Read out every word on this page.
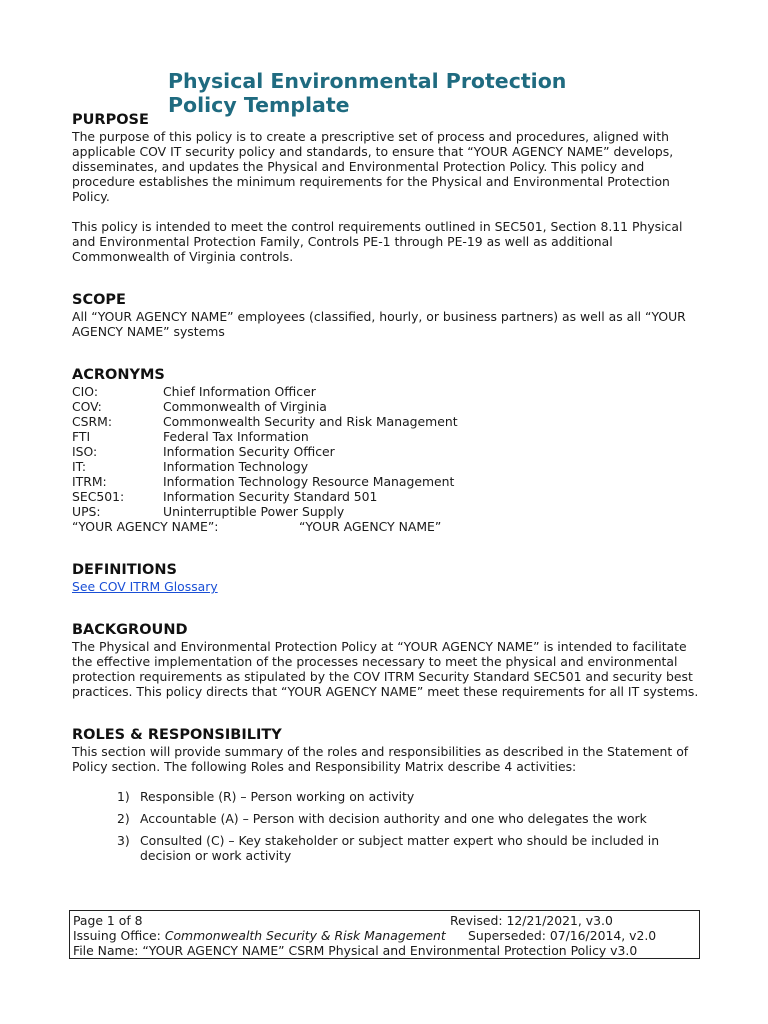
Physical Environmental Protection
Policy Template
PURPOSE

The purpose of this policy is to create a prescriptive set of process and procedures, aligned with applicable COV IT security policy and standards, to ensure that “YOUR AGENCY NAME” develops, disseminates, and updates the Physical and Environmental Protection Policy. This policy and procedure establishes the minimum requirements for the Physical and Environmental Protection Policy.

This policy is intended to meet the control requirements outlined in SEC501, Section 8.11 Physical and Environmental Protection Family, Controls PE-1 through PE-19 as well as additional Commonwealth of Virginia controls.

SCOPE

All “YOUR AGENCY NAME” employees (classified, hourly, or business partners) as well as all “YOUR AGENCY NAME” systems

ACRONYMS
CIO:	Chief Information Officer
COV:	Commonwealth of Virginia
CSRM:	Commonwealth Security and Risk Management
FTI	Federal Tax Information
ISO:	Information Security Officer
IT:	Information Technology
ITRM:	Information Technology Resource Management
SEC501:	Information Security Standard 501
UPS:	Uninterruptible Power Supply
“YOUR AGENCY NAME”:	“YOUR AGENCY NAME”
DEFINITIONS

See COV ITRM Glossary

BACKGROUND

The Physical and Environmental Protection Policy at “YOUR AGENCY NAME” is intended to facilitate the effective implementation of the processes necessary to meet the physical and environmental protection requirements as stipulated by the COV ITRM Security Standard SEC501 and security best practices. This policy directs that “YOUR AGENCY NAME” meet these requirements for all IT systems.

ROLES & RESPONSIBILITY

This section will provide summary of the roles and responsibilities as described in the Statement of Policy section. The following Roles and Responsibility Matrix describe 4 activities:

1) Responsible (R) – Person working on activity
2) Accountable (A) – Person with decision authority and one who delegates the work
3) Consulted (C) – Key stakeholder or subject matter expert who should be included in decision or work activity
Page 1 of 8	Revised: 12/21/2021, v3.0
Issuing Office: Commonwealth Security & Risk Management	Superseded: 07/16/2014, v2.0
File Name: “YOUR AGENCY NAME” CSRM Physical and Environmental Protection Policy v3.0
